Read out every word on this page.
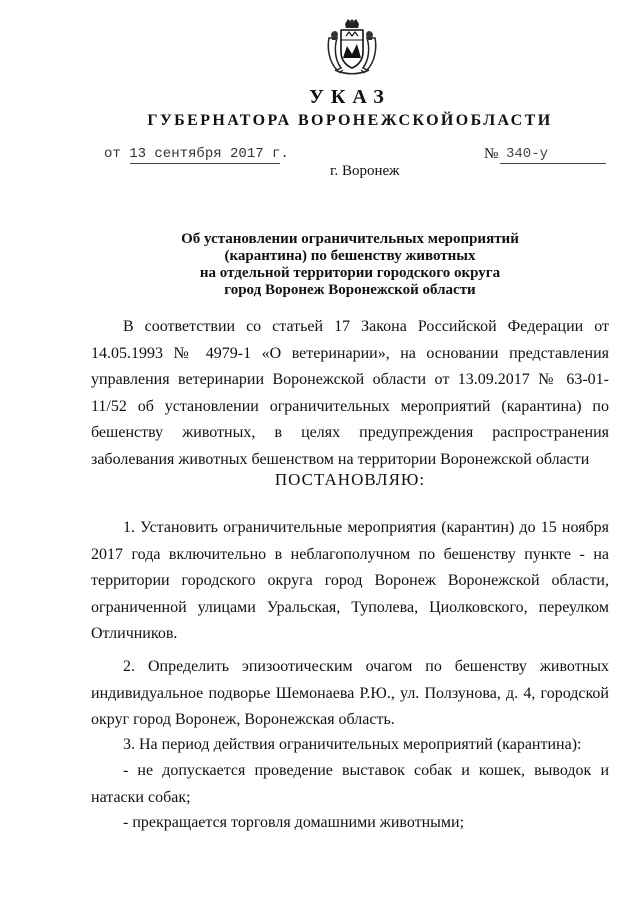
УКАЗ
ГУБЕРНАТОРА ВОРОНЕЖСКОЙОБЛАСТИ
от 13 сентября 2017 г.	№ 340-у
г. Воронеж
Об установлении ограничительных мероприятий
(карантина) по бешенству животных
на отдельной территории городского округа
город Воронеж Воронежской области
В соответствии со статьей 17 Закона Российской Федерации от 14.05.1993 № 4979-1 «О ветеринарии», на основании представления управления ветеринарии Воронежской области от 13.09.2017 № 63-01-11/52 об установлении ограничительных мероприятий (карантина) по бешенству животных, в целях предупреждения распространения заболевания животных бешенством на территории Воронежской области
ПОСТАНОВЛЯЮ:
1. Установить ограничительные мероприятия (карантин) до 15 ноября 2017 года включительно в неблагополучном по бешенству пункте - на территории городского округа город Воронеж Воронежской области, ограниченной улицами Уральская, Туполева, Циолковского, переулком Отличников.
2. Определить эпизоотическим очагом по бешенству животных индивидуальное подворье Шемонаева Р.Ю., ул. Ползунова, д. 4, городской округ город Воронеж, Воронежская область.
3. На период действия ограничительных мероприятий (карантина):
- не допускается проведение выставок собак и кошек, выводок и натаски собак;
- прекращается торговля домашними животными;
